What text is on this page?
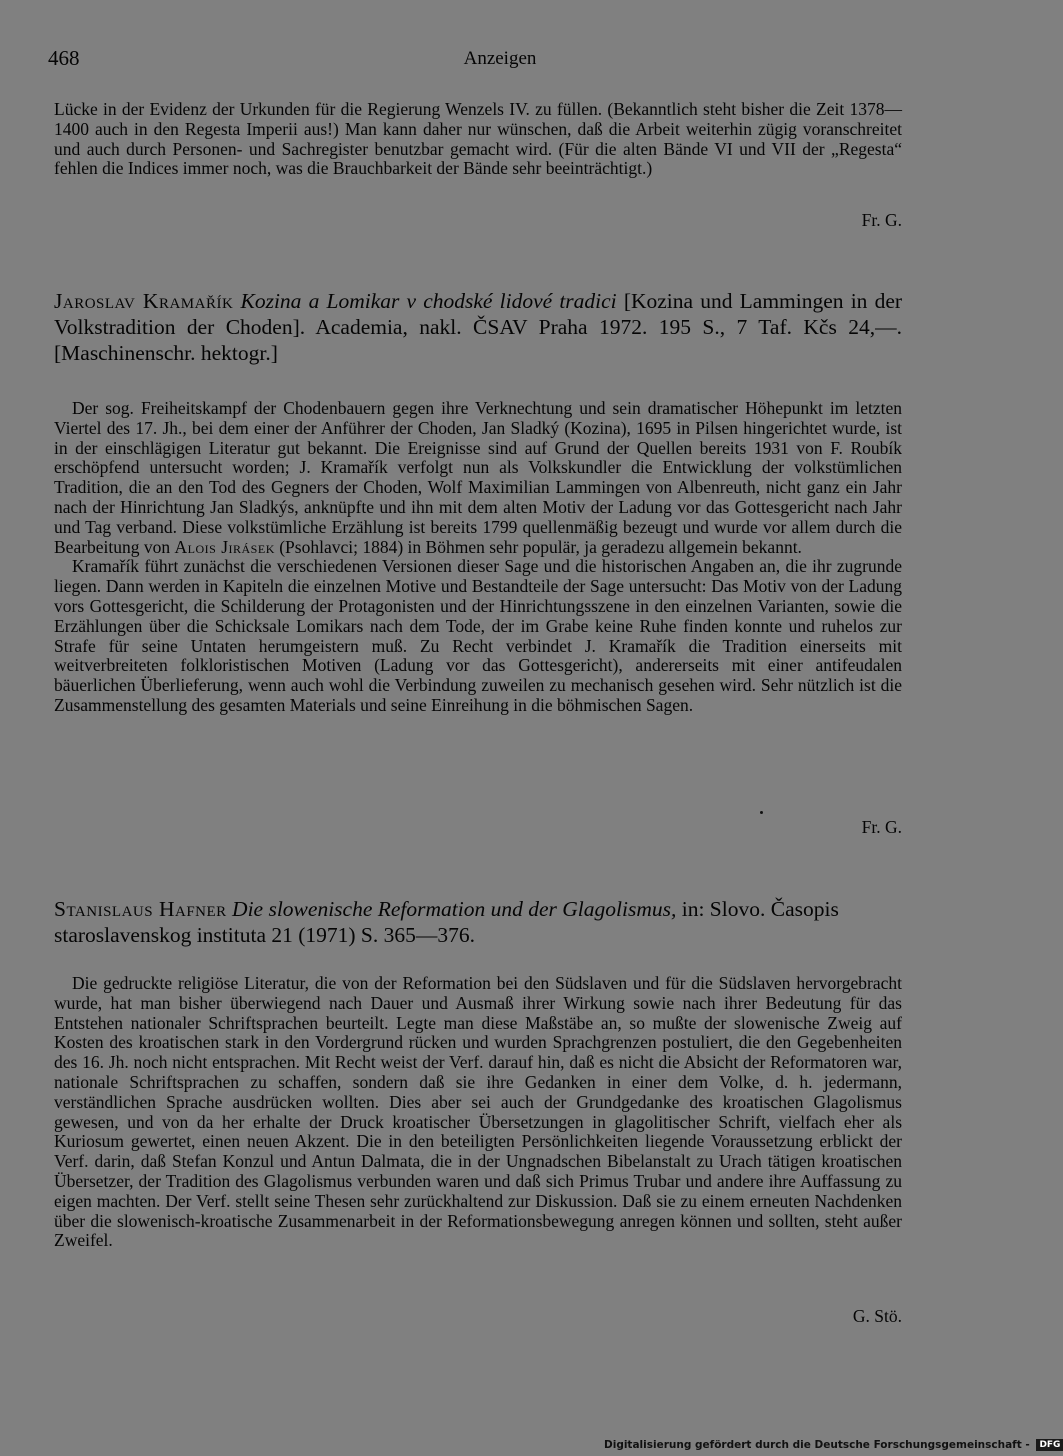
468	Anzeigen

Lücke in der Evidenz der Urkunden für die Regierung Wenzels IV. zu füllen. (Bekanntlich steht bisher die Zeit 1378—1400 auch in den Regesta Imperii aus!) Man kann daher nur wünschen, daß die Arbeit weiterhin zügig voranschreitet und auch durch Personen- und Sachregister benutzbar gemacht wird. (Für die alten Bände VI und VII der „Regesta“ fehlen die Indices immer noch, was die Brauchbarkeit der Bände sehr beeinträchtigt.)

Fr. G.
Jaroslav Kramařík Kozina a Lomikar v chodské lidové tradici [Kozina und Lammingen in der Volkstradition der Choden]. Academia, nakl. ČSAV Praha 1972. 195 S., 7 Taf. Kčs 24,—. [Maschinenschr. hektogr.]

Der sog. Freiheitskampf der Chodenbauern gegen ihre Verknechtung und sein dramatischer Höhepunkt im letzten Viertel des 17. Jh., bei dem einer der Anführer der Choden, Jan Sladký (Kozina), 1695 in Pilsen hingerichtet wurde, ist in der einschlägigen Literatur gut bekannt. Die Ereignisse sind auf Grund der Quellen bereits 1931 von F. Roubík erschöpfend untersucht worden; J. Kramařík verfolgt nun als Volkskundler die Entwicklung der volkstümlichen Tradition, die an den Tod des Gegners der Choden, Wolf Maximilian Lammingen von Albenreuth, nicht ganz ein Jahr nach der Hinrichtung Jan Sladkýs, anknüpfte und ihn mit dem alten Motiv der Ladung vor das Gottesgericht nach Jahr und Tag verband. Diese volkstümliche Erzählung ist bereits 1799 quellenmäßig bezeugt und wurde vor allem durch die Bearbeitung von Alois Jirásek (Psohlavci; 1884) in Böhmen sehr populär, ja geradezu allgemein bekannt.

Kramařík führt zunächst die verschiedenen Versionen dieser Sage und die historischen Angaben an, die ihr zugrunde liegen. Dann werden in Kapiteln die einzelnen Motive und Bestandteile der Sage untersucht: Das Motiv von der Ladung vors Gottesgericht, die Schilderung der Protagonisten und der Hinrichtungsszene in den einzelnen Varianten, sowie die Erzählungen über die Schicksale Lomikars nach dem Tode, der im Grabe keine Ruhe finden konnte und ruhelos zur Strafe für seine Untaten herumgeistern muß. Zu Recht verbindet J. Kramařík die Tradition einerseits mit weitverbreiteten folkloristischen Motiven (Ladung vor das Gottesgericht), andererseits mit einer antifeudalen bäuerlichen Überlieferung, wenn auch wohl die Verbindung zuweilen zu mechanisch gesehen wird. Sehr nützlich ist die Zusammenstellung des gesamten Materials und seine Einreihung in die böhmischen Sagen.

Fr. G.
Stanislaus Hafner Die slowenische Reformation und der Glagolismus, in: Slovo. Časopis staroslavenskog instituta 21 (1971) S. 365—376.

Die gedruckte religiöse Literatur, die von der Reformation bei den Südslaven und für die Südslaven hervorgebracht wurde, hat man bisher überwiegend nach Dauer und Ausmaß ihrer Wirkung sowie nach ihrer Bedeutung für das Entstehen nationaler Schriftsprachen beurteilt. Legte man diese Maßstäbe an, so mußte der slowenische Zweig auf Kosten des kroatischen stark in den Vordergrund rücken und wurden Sprachgrenzen postuliert, die den Gegebenheiten des 16. Jh. noch nicht entsprachen. Mit Recht weist der Verf. darauf hin, daß es nicht die Absicht der Reformatoren war, nationale Schriftsprachen zu schaffen, sondern daß sie ihre Gedanken in einer dem Volke, d. h. jedermann, verständlichen Sprache ausdrücken wollten. Dies aber sei auch der Grundgedanke des kroatischen Glagolismus gewesen, und von da her erhalte der Druck kroatischer Übersetzungen in glagolitischer Schrift, vielfach eher als Kuriosum gewertet, einen neuen Akzent. Die in den beteiligten Persönlichkeiten liegende Voraussetzung erblickt der Verf. darin, daß Stefan Konzul und Antun Dalmata, die in der Ungnadschen Bibelanstalt zu Urach tätigen kroatischen Übersetzer, der Tradition des Glagolismus verbunden waren und daß sich Primus Trubar und andere ihre Auffassung zu eigen machten. Der Verf. stellt seine Thesen sehr zurückhaltend zur Diskussion. Daß sie zu einem erneuten Nachdenken über die slowenisch-kroatische Zusammenarbeit in der Reformationsbewegung anregen können und sollten, steht außer Zweifel.

G. Stö.
Digitalisierung gefördert durch die Deutsche Forschungsgemeinschaft - DFG
